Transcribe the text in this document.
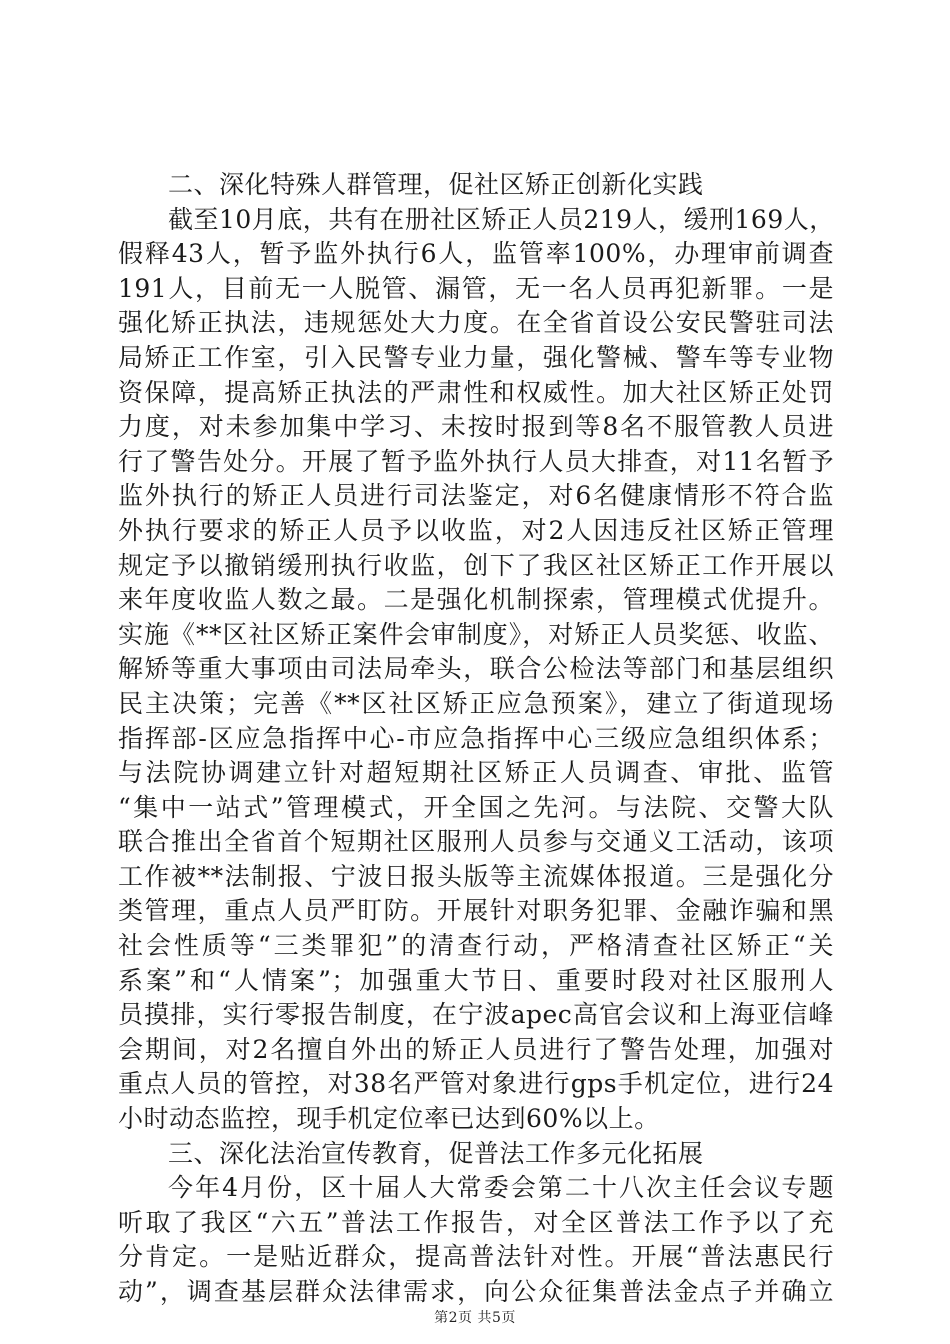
二、深化特殊人群管理，促社区矫正创新化实践
截至10月底，共有在册社区矫正人员219人，缓刑169人，
假释43人，暂予监外执行6人，监管率100%，办理审前调查
191人，目前无一人脱管、漏管，无一名人员再犯新罪。一是
强化矫正执法，违规惩处大力度。在全省首设公安民警驻司法
局矫正工作室，引入民警专业力量，强化警械、警车等专业物
资保障，提高矫正执法的严肃性和权威性。加大社区矫正处罚
力度，对未参加集中学习、未按时报到等8名不服管教人员进
行了警告处分。开展了暂予监外执行人员大排查，对11名暂予
监外执行的矫正人员进行司法鉴定，对6名健康情形不符合监
外执行要求的矫正人员予以收监，对2人因违反社区矫正管理
规定予以撤销缓刑执行收监，创下了我区社区矫正工作开展以
来年度收监人数之最。二是强化机制探索，管理模式优提升。
实施《**区社区矫正案件会审制度》，对矫正人员奖惩、收监、
解矫等重大事项由司法局牵头，联合公检法等部门和基层组织
民主决策；完善《**区社区矫正应急预案》，建立了街道现场
指挥部-区应急指挥中心-市应急指挥中心三级应急组织体系；
与法院协调建立针对超短期社区矫正人员调查、审批、监管
“集中一站式”管理模式，开全国之先河。与法院、交警大队
联合推出全省首个短期社区服刑人员参与交通义工活动，该项
工作被**法制报、宁波日报头版等主流媒体报道。三是强化分
类管理，重点人员严盯防。开展针对职务犯罪、金融诈骗和黑
社会性质等“三类罪犯”的清查行动，严格清查社区矫正“关
系案”和“人情案”；加强重大节日、重要时段对社区服刑人
员摸排，实行零报告制度，在宁波apec高官会议和上海亚信峰
会期间，对2名擅自外出的矫正人员进行了警告处理，加强对
重点人员的管控，对38名严管对象进行gps手机定位，进行24
小时动态监控，现手机定位率已达到60%以上。
三、深化法治宣传教育，促普法工作多元化拓展
今年4月份，区十届人大常委会第二十八次主任会议专题
听取了我区“六五”普法工作报告，对全区普法工作予以了充
分肯定。一是贴近群众，提高普法针对性。开展“普法惠民行
动”，调查基层群众法律需求，向公众征集普法金点子并确立
第2页 共5页
